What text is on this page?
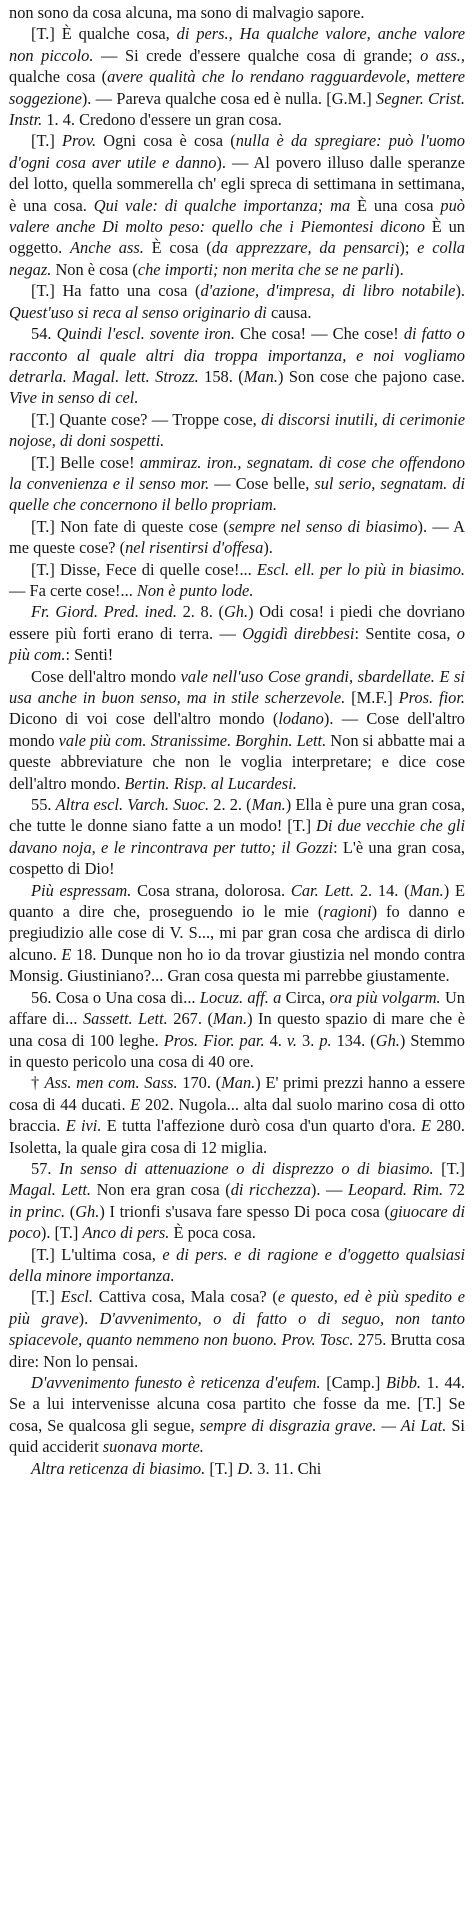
non sono da cosa alcuna, ma sono di malvagio sapore.

[T.] È qualche cosa, di pers., Ha qualche valore, anche valore non piccolo. — Si crede d'essere qualche cosa di grande; o ass., qualche cosa (avere qualità che lo rendano ragguardevole, mettere soggezione). — Pareva qualche cosa ed è nulla. [G.M.] Segner. Crist. Instr. 1. 4. Credono d'essere un gran cosa.

[T.] Prov. Ogni cosa è cosa (nulla è da spregiare: può l'uomo d'ogni cosa aver utile e danno). — Al povero illuso dalle speranze del lotto, quella sommerella ch' egli spreca di settimana in settimana, è una cosa. Qui vale: di qualche importanza; ma È una cosa può valere anche Di molto peso: quello che i Piemontesi dicono È un oggetto. Anche ass. È cosa (da apprezzare, da pensarci); e colla negaz. Non è cosa (che importi; non merita che se ne parli).

[T.] Ha fatto una cosa (d'azione, d'impresa, di libro notabile). Quest'uso si reca al senso originario di causa.

54. Quindi l'escl. sovente iron. Che cosa! — Che cose! di fatto o racconto al quale altri dia troppa importanza, e noi vogliamo detrarla. Magal. lett. Strozz. 158. (Man.) Son cose che pajono case. Vive in senso di cel.

[T.] Quante cose? — Troppe cose, di discorsi inutili, di cerimonie nojose, di doni sospetti.

[T.] Belle cose! ammiraz. iron., segnatam. di cose che offendono la convenienza e il senso mor. — Cose belle, sul serio, segnatam. di quelle che concernono il bello propriam.

[T.] Non fate di queste cose (sempre nel senso di biasimo). — A me queste cose? (nel risentirsi d'offesa).

[T.] Disse, Fece di quelle cose!... Escl. ell. per lo più in biasimo. — Fa certe cose!... Non è punto lode.

Fr. Giord. Pred. ined. 2. 8. (Gh.) Odi cosa! i piedi che dovriano essere più forti erano di terra. — Oggidì direbbesi: Sentite cosa, o più com.: Senti!

Cose dell'altro mondo vale nell'uso Cose grandi, sbardellate. E si usa anche in buon senso, ma in stile scherzevole. [M.F.] Pros. fior. Dicono di voi cose dell'altro mondo (lodano). — Cose dell'altro mondo vale più com. Stranissime. Borghin. Lett. Non si abbatte mai a queste abbreviature che non le voglia interpretare; e dice cose dell'altro mondo. Bertin. Risp. al Lucardesi.

55. Altra escl. Varch. Suoc. 2. 2. (Man.) Ella è pure una gran cosa, che tutte le donne siano fatte a un modo! [T.] Di due vecchie che gli davano noja, e le rincontrava per tutto; il Gozzi: L'è una gran cosa, cospetto di Dio!

Più espressam. Cosa strana, dolorosa. Car. Lett. 2. 14. (Man.) E quanto a dire che, proseguendo io le mie (ragioni) fo danno e pregiudizio alle cose di V. S..., mi par gran cosa che ardisca di dirlo alcuno. E 18. Dunque non ho io da trovar giustizia nel mondo contra Monsig. Giustiniano?... Gran cosa questa mi parrebbe giustamente.

56. Cosa o Una cosa di... Locuz. aff. a Circa, ora più volgarm. Un affare di... Sassett. Lett. 267. (Man.) In questo spazio di mare che è una cosa di 100 leghe. Pros. Fior. par. 4. v. 3. p. 134. (Gh.) Stemmo in questo pericolo una cosa di 40 ore.

† Ass. men com. Sass. 170. (Man.) E' primi prezzi hanno a essere cosa di 44 ducati. E 202. Nugola... alta dal suolo marino cosa di otto braccia. E ivi. E tutta l'affezione durò cosa d'un quarto d'ora. E 280. Isoletta, la quale gira cosa di 12 miglia.

57. In senso di attenuazione o di disprezzo o di biasimo. [T.] Magal. Lett. Non era gran cosa (di ricchezza). — Leopard. Rim. 72 in princ. (Gh.) I trionfi s'usava fare spesso Di poca cosa (giuocare di poco). [T.] Anco di pers. È poca cosa.

[T.] L'ultima cosa, e di pers. e di ragione e d'oggetto qualsiasi della minore importanza.

[T.] Escl. Cattiva cosa, Mala cosa? (e questo, ed è più spedito e più grave). D'avvenimento, o di fatto o di seguo, non tanto spiacevole, quanto nemmeno non buono. Prov. Tosc. 275. Brutta cosa dire: Non lo pensai.

D'avvenimento funesto è reticenza d'eufem. [Camp.] Bibb. 1. 44. Se a lui intervenisse alcuna cosa partito che fosse da me. [T.] Se cosa, Se qualcosa gli segue, sempre di disgrazia grave. — Ai Lat. Si quid acciderit suonava morte.

Altra reticenza di biasimo. [T.] D. 3. 11. Chi
